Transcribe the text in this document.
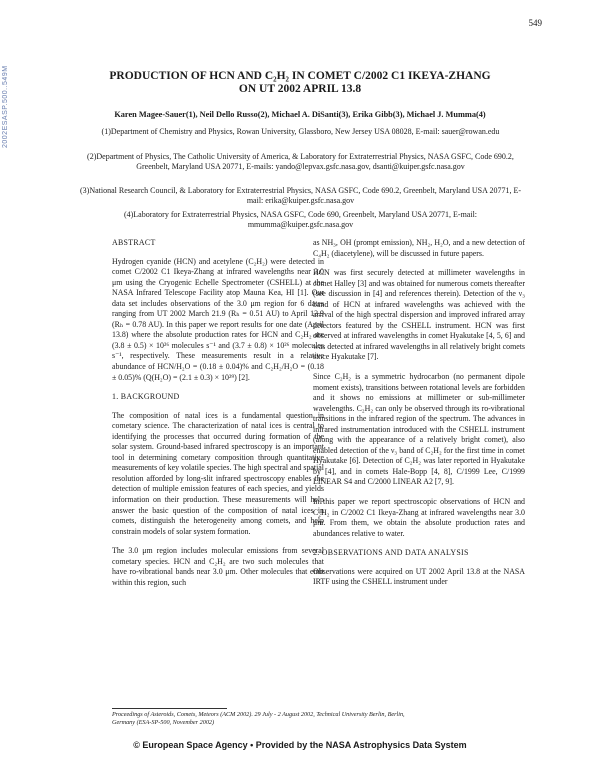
549
2002ESASP.500..549M	PRODUCTION OF HCN AND C₂H₂ IN COMET C/2002 C1 IKEYA-ZHANG
ON UT 2002 APRIL 13.8
Karen Magee-Sauer(1), Neil Dello Russo(2), Michael A. DiSanti(3), Erika Gibb(3), Michael J. Mumma(4)
(1)Department of Chemistry and Physics, Rowan University, Glassboro, New Jersey USA 08028, E-mail: sauer@rowan.edu
(2)Department of Physics, The Catholic University of America, & Laboratory for Extraterrestrial Physics, NASA GSFC, Code 690.2, Greenbelt, Maryland USA 20771, E-mails: yando@lepvax.gsfc.nasa.gov, dsanti@kuiper.gsfc.nasa.gov
(3)National Research Council, & Laboratory for Extraterrestrial Physics, NASA GSFC, Code 690.2, Greenbelt, Maryland USA 20771, E-mail: erika@kuiper.gsfc.nasa.gov
(4)Laboratory for Extraterrestrial Physics, NASA GSFC, Code 690, Greenbelt, Maryland USA 20771, E-mail: mmumma@kuiper.gsfc.nasa.gov
ABSTRACT

Hydrogen cyanide (HCN) and acetylene (C₂H₂) were detected in comet C/2002 C1 Ikeya-Zhang at infrared wavelengths near 3.0 μm using the Cryogenic Echelle Spectrometer (CSHELL) at the NASA Infrared Telescope Facility atop Mauna Kea, HI [1]. Our data set includes observations of the 3.0 μm region for 6 dates ranging from UT 2002 March 21.9 (Rₕ = 0.51 AU) to April 13.9 (Rₕ = 0.78 AU). In this paper we report results for one date (April 13.8) where the absolute production rates for HCN and C₂H₂ are (3.8 ± 0.5) × 10²⁶ molecules s⁻¹ and (3.7 ± 0.8) × 10²⁶ molecules s⁻¹, respectively. These measurements result in a relative abundance of HCN/H₂O = (0.18 ± 0.04)% and C₂H₂/H₂O = (0.18 ± 0.05)% (Q(H₂O) = (2.1 ± 0.3) × 10²⁹) [2].

1. BACKGROUND

The composition of natal ices is a fundamental question in cometary science. The characterization of natal ices is central to identifying the processes that occurred during formation of the solar system. Ground-based infrared spectroscopy is an important tool in determining cometary composition through quantitative measurements of key volatile species. The high spectral and spatial resolution afforded by long-slit infrared spectroscopy enables the detection of multiple emission features of each species, and yields information on their production. These measurements will help answer the basic question of the composition of natal ices in comets, distinguish the heterogeneity among comets, and help constrain models of solar system formation.

The 3.0 μm region includes molecular emissions from several cometary species. HCN and C₂H₂ are two such molecules that have ro-vibrational bands near 3.0 μm. Other molecules that emit within this region, such

as NH₃, OH (prompt emission), NH₂, H₂O, and a new detection of C₄H₂ (diacetylene), will be discussed in future papers.

HCN was first securely detected at millimeter wavelengths in comet Halley [3] and was obtained for numerous comets thereafter (see discussion in [4] and references therein). Detection of the ν₃ band of HCN at infrared wavelengths was achieved with the arrival of the high spectral dispersion and improved infrared array detectors featured by the CSHELL instrument. HCN was first observed at infrared wavelengths in comet Hyakutake [4, 5, 6] and was detected at infrared wavelengths in all relatively bright comets since Hyakutake [7].

Since C₂H₂ is a symmetric hydrocarbon (no permanent dipole moment exists), transitions between rotational levels are forbidden and it shows no emissions at millimeter or sub-millimeter wavelengths. C₂H₂ can only be observed through its ro-vibrational transitions in the infrared region of the spectrum. The advances in infrared instrumentation introduced with the CSHELL instrument (along with the appearance of a relatively bright comet), also enabled detection of the ν₃ band of C₂H₂ for the first time in comet Hyakutake [6]. Detection of C₂H₂ was later reported in Hyakutake by [4], and in comets Hale-Bopp [4, 8], C/1999 Lee, C/1999 LINEAR S4 and C/2000 LINEAR A2 [7, 9].

In this paper we report spectroscopic observations of HCN and C₂H₂ in C/2002 C1 Ikeya-Zhang at infrared wavelengths near 3.0 μm. From them, we obtain the absolute production rates and abundances relative to water.

2. OBSERVATIONS AND DATA ANALYSIS

Observations were acquired on UT 2002 April 13.8 at the NASA IRTF using the CSHELL instrument under

Proceedings of Asteroids, Comets, Meteors (ACM 2002). 29 July - 2 August 2002, Technical University Berlin, Berlin, Germany (ESA-SP-500, November 2002)
© European Space Agency • Provided by the NASA Astrophysics Data System
